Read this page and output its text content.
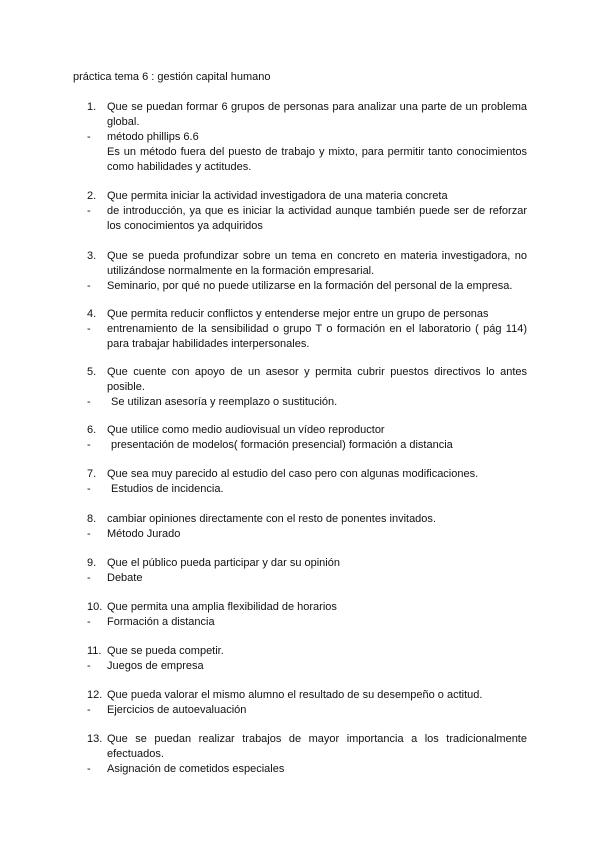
práctica tema 6 : gestión capital humano
1. Que se puedan formar 6 grupos de personas para analizar una parte de un problema global.
-	método phillips 6.6
Es un método fuera del puesto de trabajo y mixto, para permitir tanto conocimientos como habilidades y actitudes.
2. Que permita iniciar la actividad investigadora de una materia concreta
-	de introducción, ya que es iniciar la actividad aunque también puede ser de reforzar los conocimientos ya adquiridos
3. Que se pueda profundizar sobre un tema en concreto en materia investigadora, no utilizándose normalmente en la formación empresarial.
-	Seminario, por qué no puede utilizarse en la formación del personal de la empresa.
4. Que permita reducir conflictos y entenderse mejor entre un grupo de personas
-	entrenamiento de la sensibilidad o grupo T o formación en el laboratorio ( pág 114) para trabajar habilidades interpersonales.
5. Que cuente con apoyo de un asesor y permita cubrir puestos directivos lo antes posible.
-	Se utilizan asesoría y reemplazo o sustitución.
6. Que utilice como medio audiovisual un vídeo reproductor
-	presentación de modelos( formación presencial) formación a distancia
7. Que sea muy parecido al estudio del caso pero con algunas modificaciones.
-	Estudios de incidencia.
8. cambiar opiniones directamente con el resto de ponentes invitados.
-	Método Jurado
9. Que el público pueda participar y dar su opinión
-	Debate
10. Que permita una amplia flexibilidad de horarios
-	Formación a distancia
11. Que se pueda competir.
-	Juegos de empresa
12. Que pueda valorar el mismo alumno el resultado de su desempeño o actitud.
-	Ejercicios de autoevaluación
13. Que se puedan realizar trabajos de mayor importancia a los tradicionalmente efectuados.
-	Asignación de cometidos especiales
